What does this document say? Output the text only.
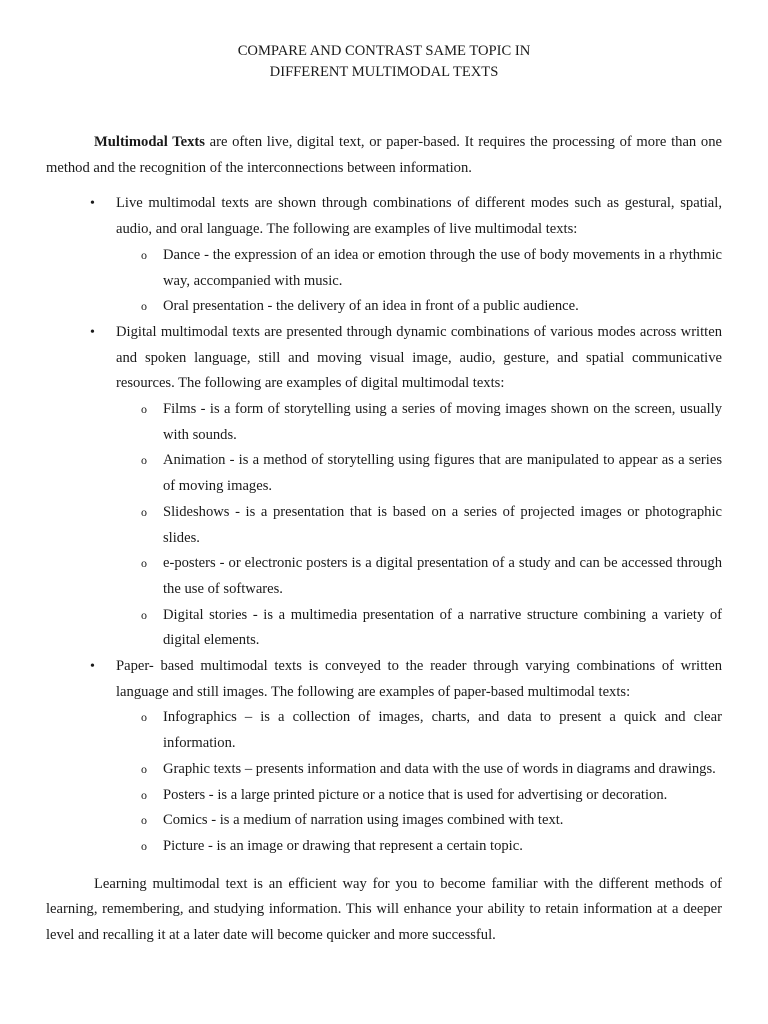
COMPARE AND CONTRAST SAME TOPIC IN
DIFFERENT MULTIMODAL TEXTS

Multimodal Texts are often live, digital text, or paper-based. It requires the processing of more than one method and the recognition of the interconnections between information.

• Live multimodal texts are shown through combinations of different modes such as gestural, spatial, audio, and oral language. The following are examples of live multimodal texts:

o Dance - the expression of an idea or emotion through the use of body movements in a rhythmic way, accompanied with music.

o Oral presentation - the delivery of an idea in front of a public audience.

• Digital multimodal texts are presented through dynamic combinations of various modes across written and spoken language, still and moving visual image, audio, gesture, and spatial communicative resources. The following are examples of digital multimodal texts:

o Films - is a form of storytelling using a series of moving images shown on the screen, usually with sounds.

o Animation - is a method of storytelling using figures that are manipulated to appear as a series of moving images.

o Slideshows - is a presentation that is based on a series of projected images or photographic slides.

o e-posters - or electronic posters is a digital presentation of a study and can be accessed through the use of softwares.

o Digital stories - is a multimedia presentation of a narrative structure combining a variety of digital elements.

• Paper- based multimodal texts is conveyed to the reader through varying combinations of written language and still images. The following are examples of paper-based multimodal texts:

o Infographics – is a collection of images, charts, and data to present a quick and clear information.

o Graphic texts – presents information and data with the use of words in diagrams and drawings.

o Posters - is a large printed picture or a notice that is used for advertising or decoration.

o Comics - is a medium of narration using images combined with text.

o Picture - is an image or drawing that represent a certain topic.

Learning multimodal text is an efficient way for you to become familiar with the different methods of learning, remembering, and studying information. This will enhance your ability to retain information at a deeper level and recalling it at a later date will become quicker and more successful.
